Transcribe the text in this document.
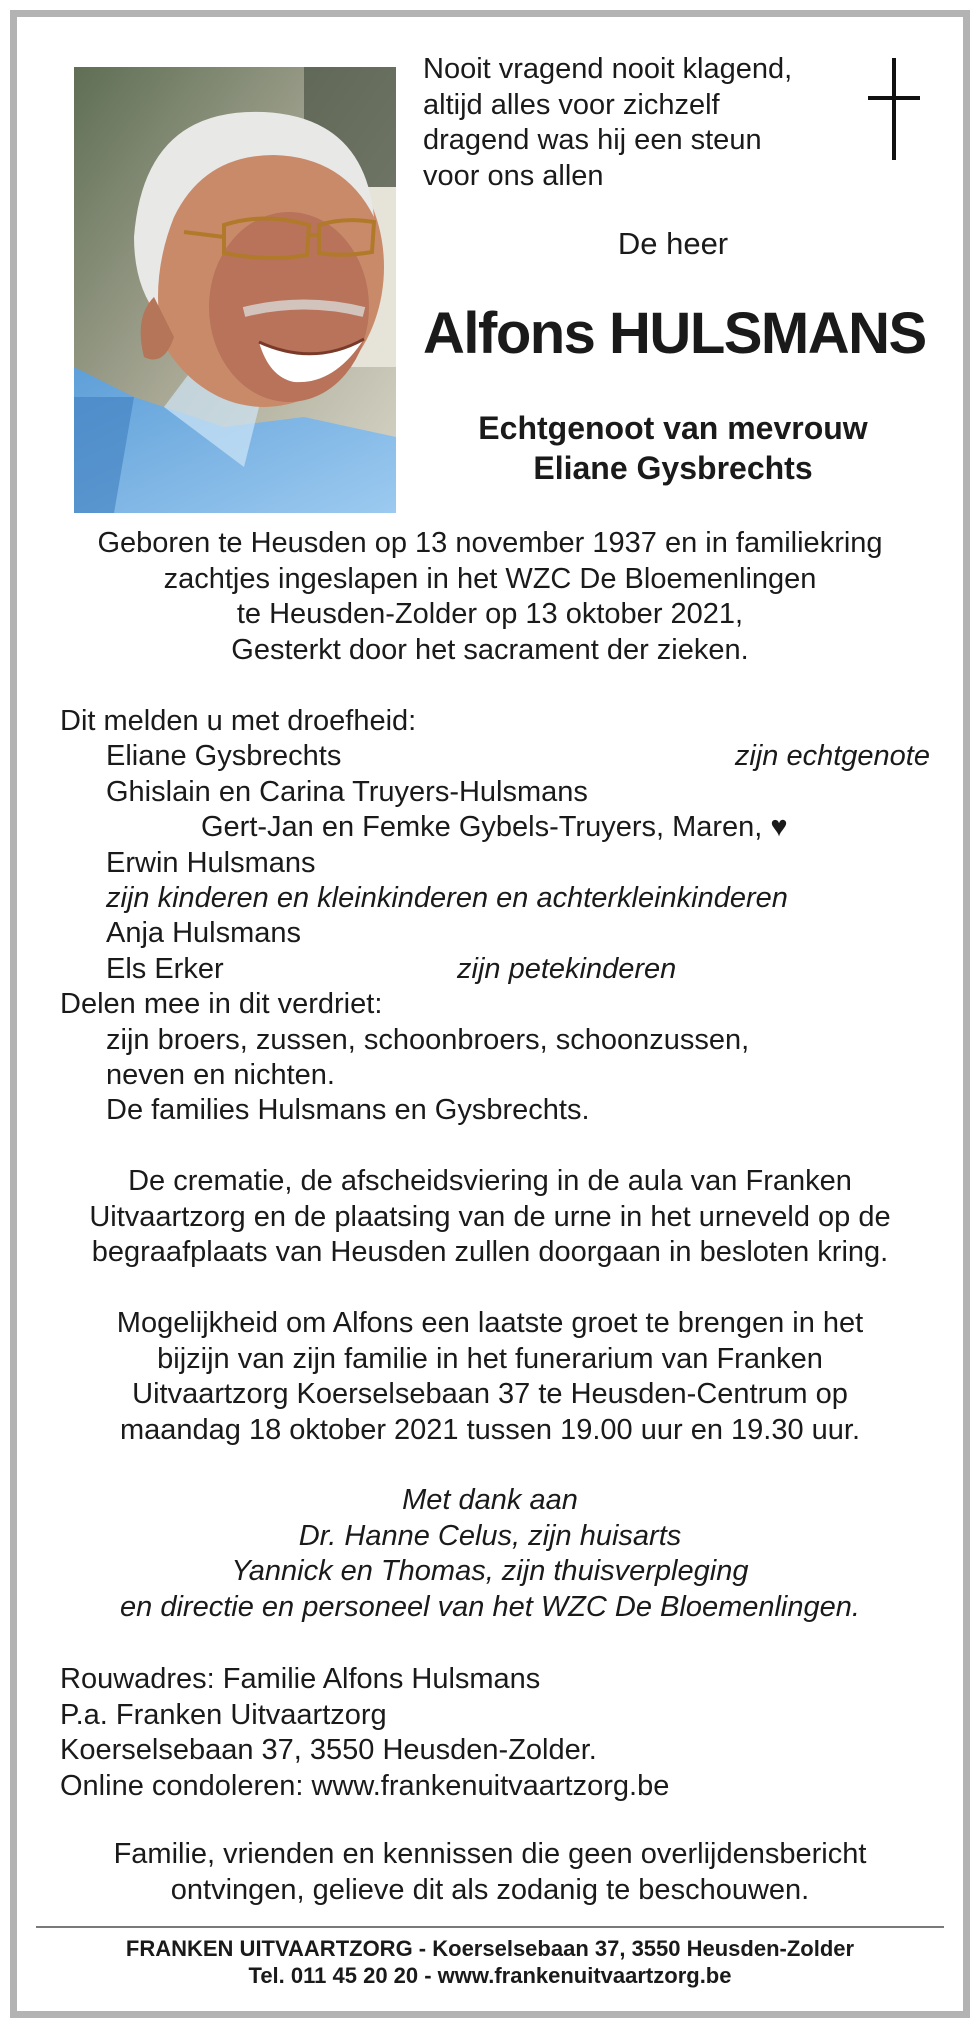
Nooit vragend nooit klagend,
altijd alles voor zichzelf
dragend was hij een steun
voor ons allen
De heer
Alfons HULSMANS
Echtgenoot van mevrouw
Eliane Gysbrechts
Geboren te Heusden op 13 november 1937 en in familiekring
zachtjes ingeslapen in het WZC De Bloemenlingen
te Heusden-Zolder op 13 oktober 2021,
Gesterkt door het sacrament der zieken.
Dit melden u met droefheid:
Eliane Gysbrechts	zijn echtgenote
Ghislain en Carina Truyers-Hulsmans
Gert-Jan en Femke Gybels-Truyers, Maren, ♥
Erwin Hulsmans
zijn kinderen en kleinkinderen en achterkleinkinderen
Anja Hulsmans
Els Erker	zijn petekinderen
Delen mee in dit verdriet:
zijn broers, zussen, schoonbroers, schoonzussen,
neven en nichten.
De families Hulsmans en Gysbrechts.
De crematie, de afscheidsviering in de aula van Franken
Uitvaartzorg en de plaatsing van de urne in het urneveld op de
begraafplaats van Heusden zullen doorgaan in besloten kring.
Mogelijkheid om Alfons een laatste groet te brengen in het
bijzijn van zijn familie in het funerarium van Franken
Uitvaartzorg Koerselsebaan 37 te Heusden-Centrum op
maandag 18 oktober 2021 tussen 19.00 uur en 19.30 uur.
Met dank aan
Dr. Hanne Celus, zijn huisarts
Yannick en Thomas, zijn thuisverpleging
en directie en personeel van het WZC De Bloemenlingen.
Rouwadres: Familie Alfons Hulsmans
P.a. Franken Uitvaartzorg
Koerselsebaan 37, 3550 Heusden-Zolder.
Online condoleren: www.frankenuitvaartzorg.be
Familie, vrienden en kennissen die geen overlijdensbericht
ontvingen, gelieve dit als zodanig te beschouwen.
FRANKEN UITVAARTZORG - Koerselsebaan 37, 3550 Heusden-Zolder
Tel. 011 45 20 20 - www.frankenuitvaartzorg.be
